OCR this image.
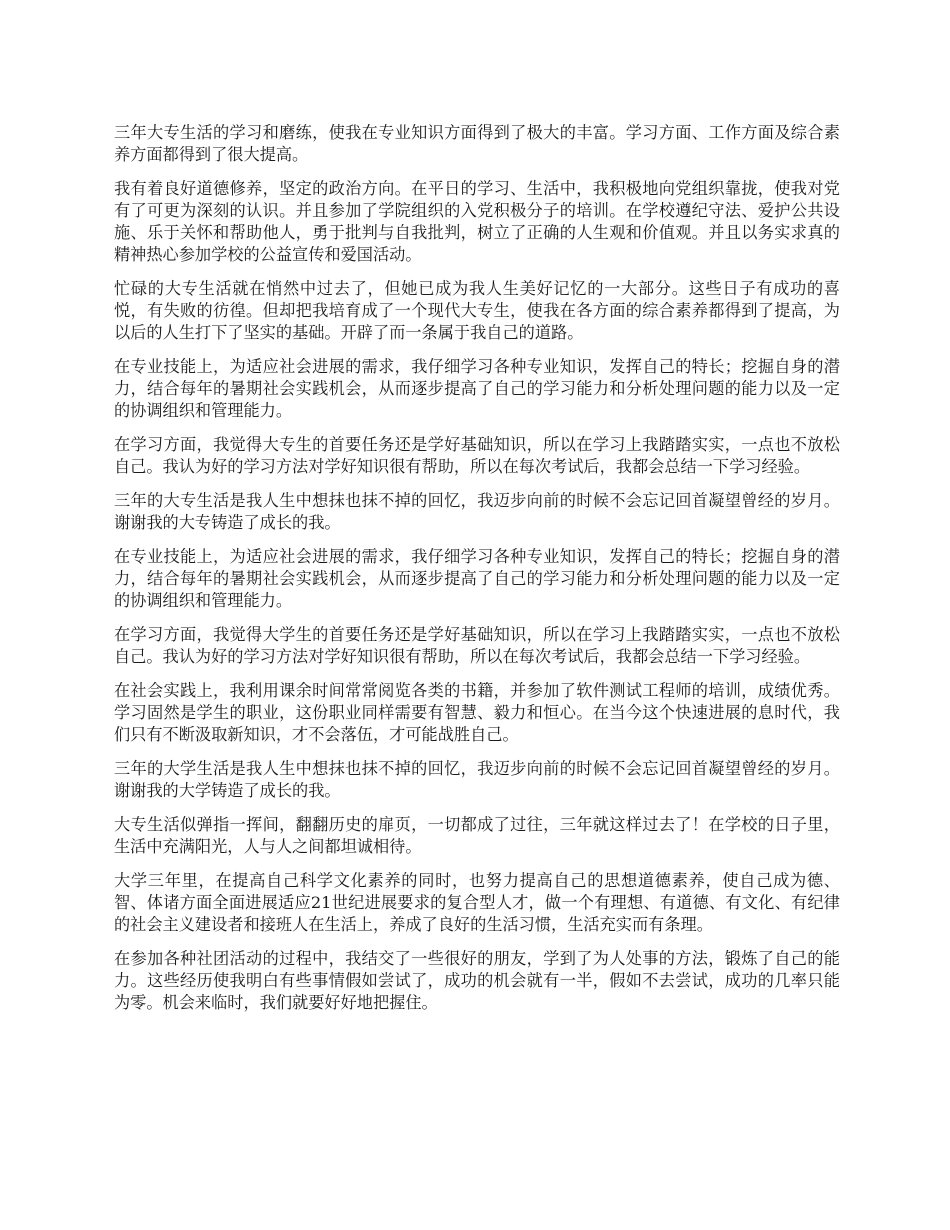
三年大专生活的学习和磨练，使我在专业知识方面得到了极大的丰富。学习方面、工作方面及综合素养方面都得到了很大提高。

我有着良好道德修养，坚定的政治方向。在平日的学习、生活中，我积极地向党组织靠拢，使我对党有了可更为深刻的认识。并且参加了学院组织的入党积极分子的培训。在学校遵纪守法、爱护公共设施、乐于关怀和帮助他人，勇于批判与自我批判，树立了正确的人生观和价值观。并且以务实求真的精神热心参加学校的公益宣传和爱国活动。

忙碌的大专生活就在悄然中过去了，但她已成为我人生美好记忆的一大部分。这些日子有成功的喜悦，有失败的彷徨。但却把我培育成了一个现代大专生，使我在各方面的综合素养都得到了提高，为以后的人生打下了坚实的基础。开辟了而一条属于我自己的道路。

在专业技能上，为适应社会进展的需求，我仔细学习各种专业知识，发挥自己的特长；挖掘自身的潜力，结合每年的暑期社会实践机会，从而逐步提高了自己的学习能力和分析处理问题的能力以及一定的协调组织和管理能力。

在学习方面，我觉得大专生的首要任务还是学好基础知识，所以在学习上我踏踏实实，一点也不放松自己。我认为好的学习方法对学好知识很有帮助，所以在每次考试后，我都会总结一下学习经验。

三年的大专生活是我人生中想抹也抹不掉的回忆，我迈步向前的时候不会忘记回首凝望曾经的岁月。谢谢我的大专铸造了成长的我。

在专业技能上，为适应社会进展的需求，我仔细学习各种专业知识，发挥自己的特长；挖掘自身的潜力，结合每年的暑期社会实践机会，从而逐步提高了自己的学习能力和分析处理问题的能力以及一定的协调组织和管理能力。

在学习方面，我觉得大学生的首要任务还是学好基础知识，所以在学习上我踏踏实实，一点也不放松自己。我认为好的学习方法对学好知识很有帮助，所以在每次考试后，我都会总结一下学习经验。

在社会实践上，我利用课余时间常常阅览各类的书籍，并参加了软件测试工程师的培训，成绩优秀。学习固然是学生的职业，这份职业同样需要有智慧、毅力和恒心。在当今这个快速进展的息时代，我们只有不断汲取新知识，才不会落伍，才可能战胜自己。

三年的大学生活是我人生中想抹也抹不掉的回忆，我迈步向前的时候不会忘记回首凝望曾经的岁月。谢谢我的大学铸造了成长的我。

大专生活似弹指一挥间，翻翻历史的扉页，一切都成了过往，三年就这样过去了！在学校的日子里，生活中充满阳光，人与人之间都坦诚相待。

大学三年里，在提高自己科学文化素养的同时，也努力提高自己的思想道德素养，使自己成为德、智、体诸方面全面进展适应21世纪进展要求的复合型人才，做一个有理想、有道德、有文化、有纪律的社会主义建设者和接班人在生活上，养成了良好的生活习惯，生活充实而有条理。

在参加各种社团活动的过程中，我结交了一些很好的朋友，学到了为人处事的方法，锻炼了自己的能力。这些经历使我明白有些事情假如尝试了，成功的机会就有一半，假如不去尝试，成功的几率只能为零。机会来临时，我们就要好好地把握住。
